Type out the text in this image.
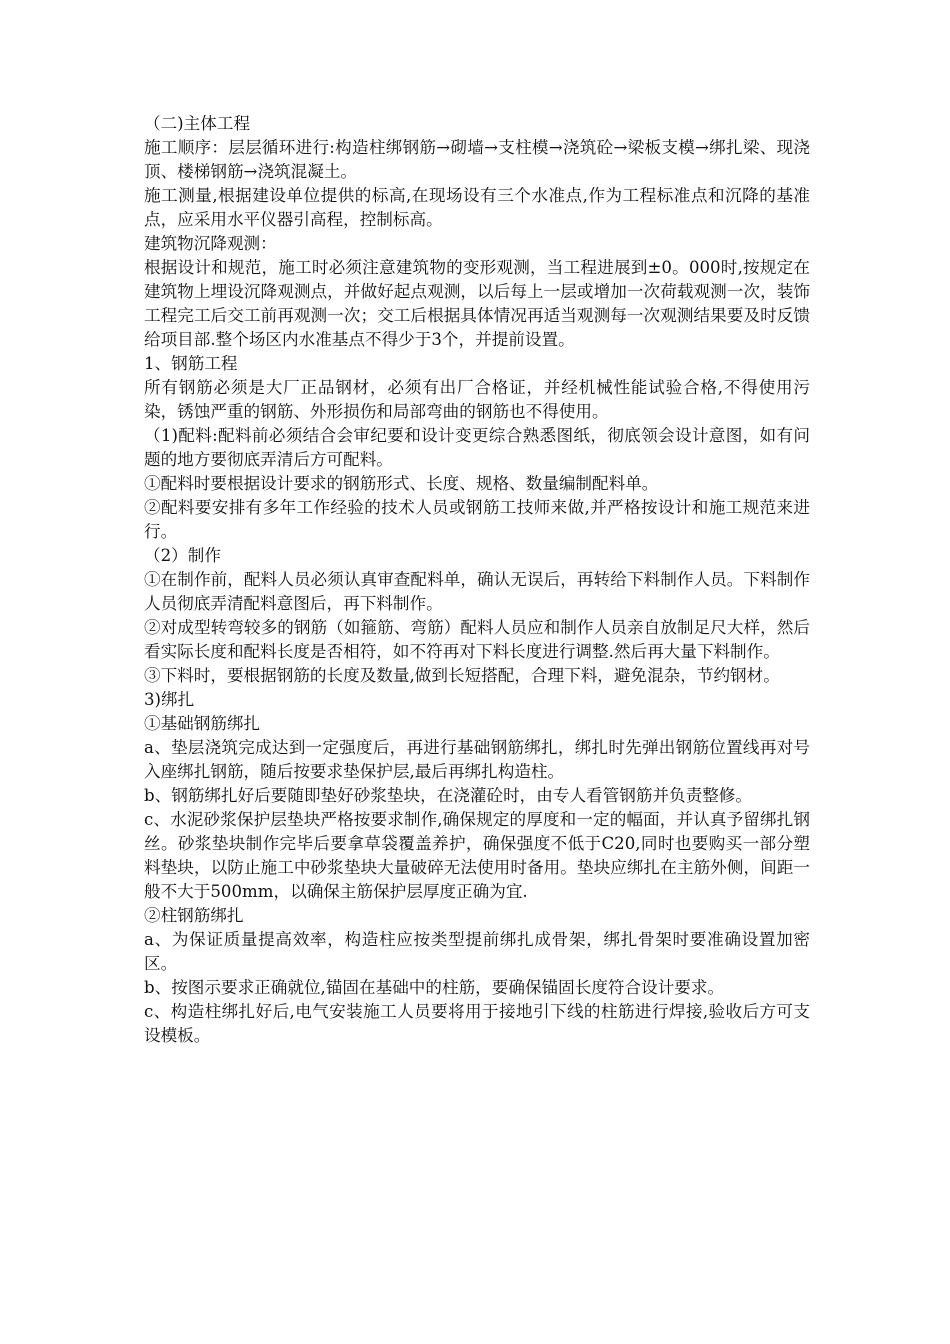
（二)主体工程

施工顺序：层层循环进行:构造柱绑钢筋→砌墙→支柱模→浇筑砼→梁板支模→绑扎梁、现浇顶、楼梯钢筋→浇筑混凝土。

施工测量,根据建设单位提供的标高,在现场设有三个水准点,作为工程标准点和沉降的基准点，应采用水平仪器引高程，控制标高。

建筑物沉降观测：

根据设计和规范，施工时必须注意建筑物的变形观测，当工程进展到±0。000时,按规定在建筑物上埋设沉降观测点，并做好起点观测，以后每上一层或增加一次荷载观测一次，装饰工程完工后交工前再观测一次；交工后根据具体情况再适当观测每一次观测结果要及时反馈给项目部.整个场区内水准基点不得少于3个，并提前设置。

1、钢筋工程

所有钢筋必须是大厂正品钢材，必须有出厂合格证，并经机械性能试验合格,不得使用污染，锈蚀严重的钢筋、外形损伤和局部弯曲的钢筋也不得使用。

（1)配料:配料前必须结合会审纪要和设计变更综合熟悉图纸，彻底领会设计意图，如有问题的地方要彻底弄清后方可配料。

①配料时要根据设计要求的钢筋形式、长度、规格、数量编制配料单。

②配料要安排有多年工作经验的技术人员或钢筋工技师来做,并严格按设计和施工规范来进行。

（2）制作

①在制作前，配料人员必须认真审查配料单，确认无误后，再转给下料制作人员。下料制作人员彻底弄清配料意图后，再下料制作。

②对成型转弯较多的钢筋（如箍筋、弯筋）配料人员应和制作人员亲自放制足尺大样，然后看实际长度和配料长度是否相符，如不符再对下料长度进行调整.然后再大量下料制作。

③下料时，要根据钢筋的长度及数量,做到长短搭配，合理下料，避免混杂，节约钢材。

3)绑扎

①基础钢筋绑扎

a、垫层浇筑完成达到一定强度后，再进行基础钢筋绑扎，绑扎时先弹出钢筋位置线再对号入座绑扎钢筋，随后按要求垫保护层,最后再绑扎构造柱。

b、钢筋绑扎好后要随即垫好砂浆垫块，在浇灌砼时，由专人看管钢筋并负责整修。

c、水泥砂浆保护层垫块严格按要求制作,确保规定的厚度和一定的幅面，并认真予留绑扎钢丝。砂浆垫块制作完毕后要拿草袋覆盖养护，确保强度不低于C20,同时也要购买一部分塑料垫块，以防止施工中砂浆垫块大量破碎无法使用时备用。垫块应绑扎在主筋外侧，间距一般不大于500mm，以确保主筋保护层厚度正确为宜.

②柱钢筋绑扎

a、为保证质量提高效率，构造柱应按类型提前绑扎成骨架，绑扎骨架时要准确设置加密区。

b、按图示要求正确就位,锚固在基础中的柱筋，要确保锚固长度符合设计要求。

c、构造柱绑扎好后,电气安装施工人员要将用于接地引下线的柱筋进行焊接,验收后方可支设模板。
